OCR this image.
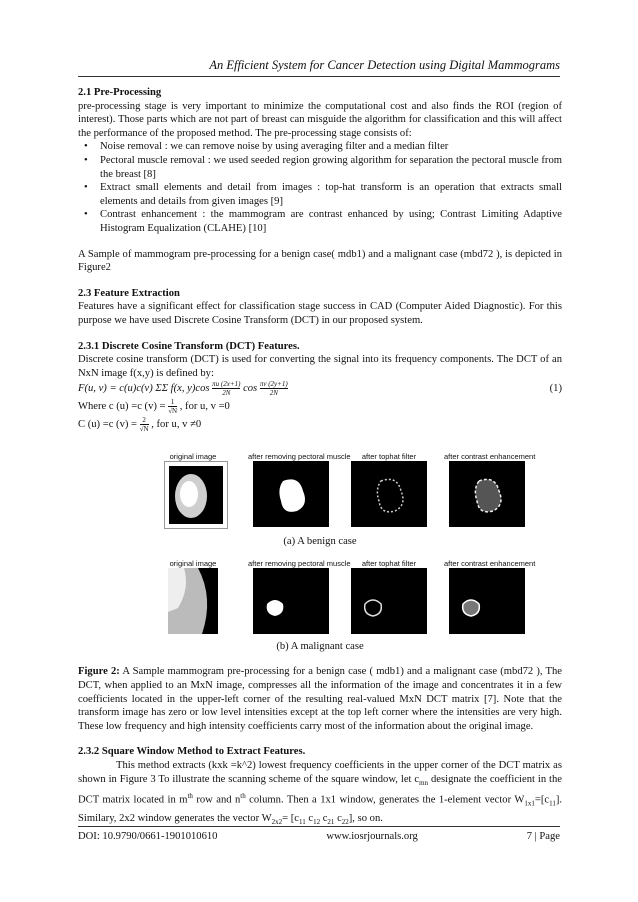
An Efficient System for Cancer Detection using Digital Mammograms

2.1 Pre-Processing

pre-processing stage is very important to minimize the computational cost and also finds the ROI (region of interest). Those parts which are not part of breast can misguide the algorithm for classification and this will affect the performance of the proposed method. The pre-processing stage consists of:

• Noise removal : we can remove noise by using averaging filter and a median filter
• Pectoral muscle removal : we used seeded region growing algorithm for separation the pectoral muscle from the breast [8]
• Extract small elements and detail from images : top-hat transform is an operation that extracts small elements and details from given images [9]
• Contrast enhancement : the mammogram are contrast enhanced by using; Contrast Limiting Adaptive Histogram Equalization (CLAHE) [10]

A Sample of mammogram pre-processing for a benign case( mdb1) and a malignant case (mbd72 ), is depicted in Figure2

2.3 Feature Extraction

Features have a significant effect for classification stage success in CAD (Computer Aided Diagnostic). For this purpose we have used Discrete Cosine Transform (DCT) in our proposed system.

2.3.1 Discrete Cosine Transform (DCT) Features.

Discrete cosine transform (DCT) is used for converting the signal into its frequency components. The DCT of an NxN image f(x,y) is defined by:

F(u, v) = c(u)c(v) ΣΣ f(x, $y)\cos \frac{\pi u (2x+1)}{2N}$ $\cos \frac{\pi v (2y+1)}{2N}$	(1)

Where c (u) =c $(v) = \frac{1}{√N}$ , for u, v =0

C (u) =c $(v) = \frac{2}{√N}$ , for u, v ≠0

original image	after removing pectoral muscle	after tophat filter	after contrast enhancement

(a) A benign case

original image	after removing pectoral muscle	after tophat filter	after contrast enhancement

(b) A malignant case

Figure 2: A Sample mammogram pre-processing for a benign case ( mdb1) and a malignant case (mbd72 ), The DCT, when applied to an MxN image, compresses all the information of the image and concentrates it in a few coefficients located in the upper-left corner of the resulting real-valued MxN DCT matrix [7]. Note that the transform image has zero or low level intensities except at the top left corner where the intensities are very high. These low frequency and high intensity coefficients carry most of the information about the original image.

2.3.2 Square Window Method to Extract Features.

This method extracts (kxk =k^2) lowest frequency coefficients in the upper corner of the DCT matrix as shown in Figure 3 To illustrate the scanning scheme of the square window, let $c_{mn}$ designate the coefficient in the DCT matrix located in $m^{th}$ row and $n^{th}$ column. Then a 1x1 window, generates the 1-element vector $W_{1x1}=[c_{11}]$. Similary, 2x2 window generates the vector $W_{2x2}= [c_{11}$ $c_{12}$ $c_{21}$ $c_{22}$], so on.

DOI: 10.9790/0661-1901010610	www.iosrjournals.org	7 | Page
